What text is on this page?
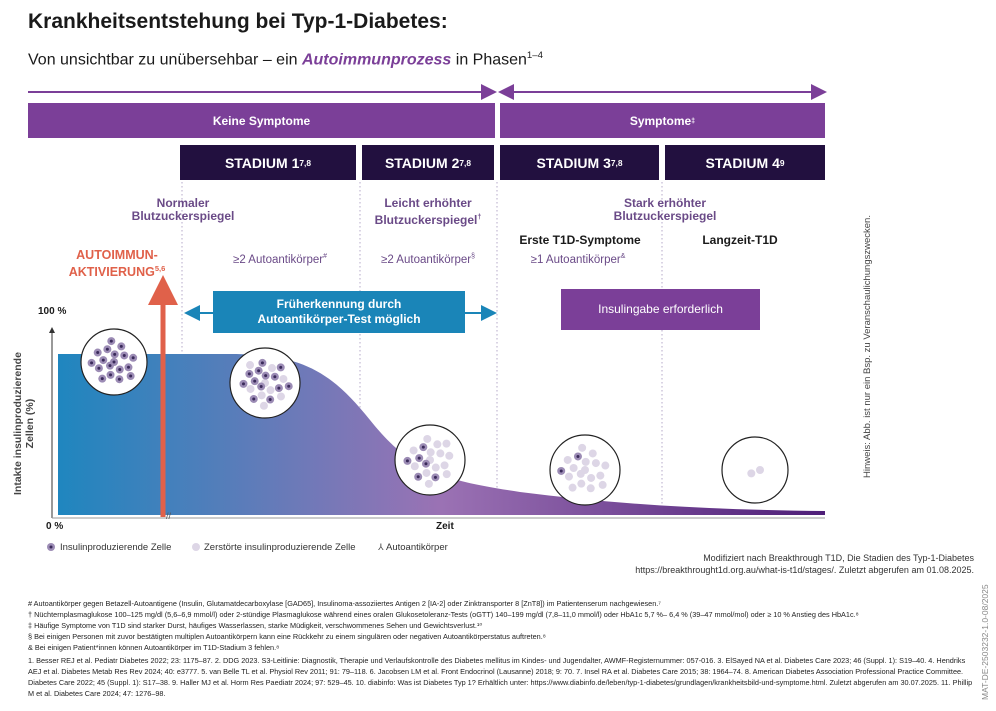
Krankheitsentstehung bei Typ-1-Diabetes:
Von unsichtbar zu unübersehbar – ein Autoimmunprozess in Phasen$^{1-4}$
⅄
Keine Symptome	Symptome ‡
STADIUM 1 7,8	STADIUM 2 7,8	STADIUM 3 7,8	STADIUM 4 9
Normaler
Blutzuckerspiegel
Leicht erhöhter
Blutzuckerspiegel†
Stark erhöhter
Blutzuckerspiegel
AUTOIMMUN-
AKTIVIERUNG$^{5,6}$
≥2 Autoantikörper#	≥2 Autoantikörper§	≥1 Autoantikörper&
Erste T1D-Symptome	Langzeit-T1D
Früherkennung durch
Autoantikörper-Test möglich
Insulingabe erforderlich
100 %
0 %	Zeit
//
Intakte insulinproduzierende Zellen (%)
Insulinproduzierende Zelle	Zerstörte insulinproduzierende Zelle	Autoantikörper
Modifiziert nach Breakthrough T1D, Die Stadien des Typ-1-Diabetes
https://breakthrought1d.org.au/what-is-t1d/stages/. Zuletzt abgerufen am 01.08.2025.
Hinweis: Abb. ist nur ein Bsp. zu Veranschaulichungszwecken.
MAT-DE-2503232-1.0-08/2025
# Autoantikörper gegen Betazell-Autoantigene (Insulin, Glutamatdecarboxylase [GAD65], Insulinoma-assoziiertes Antigen 2 [IA-2] oder Zinktransporter 8 [ZnT8]) im Patientenserum nachgewiesen.⁷
† Nüchternplasmaglukose 100–125 mg/dl (5,6–6,9 mmol/l) oder 2-stündige Plasmaglukose während eines oralen Glukosetoleranz-Tests (oGTT) 140–199 mg/dl (7,8–11,0 mmol/l) oder HbA1c 5,7 %– 6,4 % (39–47 mmol/mol) oder ≥ 10 % Anstieg des HbA1c.⁸
‡ Häufige Symptome von T1D sind starker Durst, häufiges Wasserlassen, starke Müdigkeit, verschwommenes Sehen und Gewichtsverlust.¹⁰
§ Bei einigen Personen mit zuvor bestätigten multiplen Autoantikörpern kann eine Rückkehr zu einem singulären oder negativen Autoantikörperstatus auftreten.⁸
& Bei einigen Patient*innen können Autoantikörper im T1D-Stadium 3 fehlen.⁸
1. Besser REJ et al. Pediatr Diabetes 2022; 23: 1175–87. 2. DDG 2023. S3-Leitlinie: Diagnostik, Therapie und Verlaufskontrolle des Diabetes mellitus im Kindes- und Jugendalter, AWMF-Registernummer: 057-016. 3. ElSayed NA et al. Diabetes Care 2023; 46 (Suppl. 1): S19–40. 4. Hendriks AEJ et al. Diabetes Metab Res Rev 2024; 40: e3777. 5. van Belle TL et al. Physiol Rev 2011; 91: 79–118. 6. Jacobsen LM et al. Front Endocrinol (Lausanne) 2018; 9: 70. 7. Insel RA et al. Diabetes Care 2015; 38: 1964–74. 8. American Diabetes Association Professional Practice Committee. Diabetes Care 2022; 45 (Suppl. 1): S17–38. 9. Haller MJ et al. Horm Res Paediatr 2024; 97: 529–45. 10. diabinfo: Was ist Diabetes Typ 1? Erhältlich unter: https://www.diabinfo.de/leben/typ-1-diabetes/grundlagen/krankheitsbild-und-symptome.html. Zuletzt abgerufen am 30.07.2025. 11. Phillip M et al. Diabetes Care 2024; 47: 1276–98.
